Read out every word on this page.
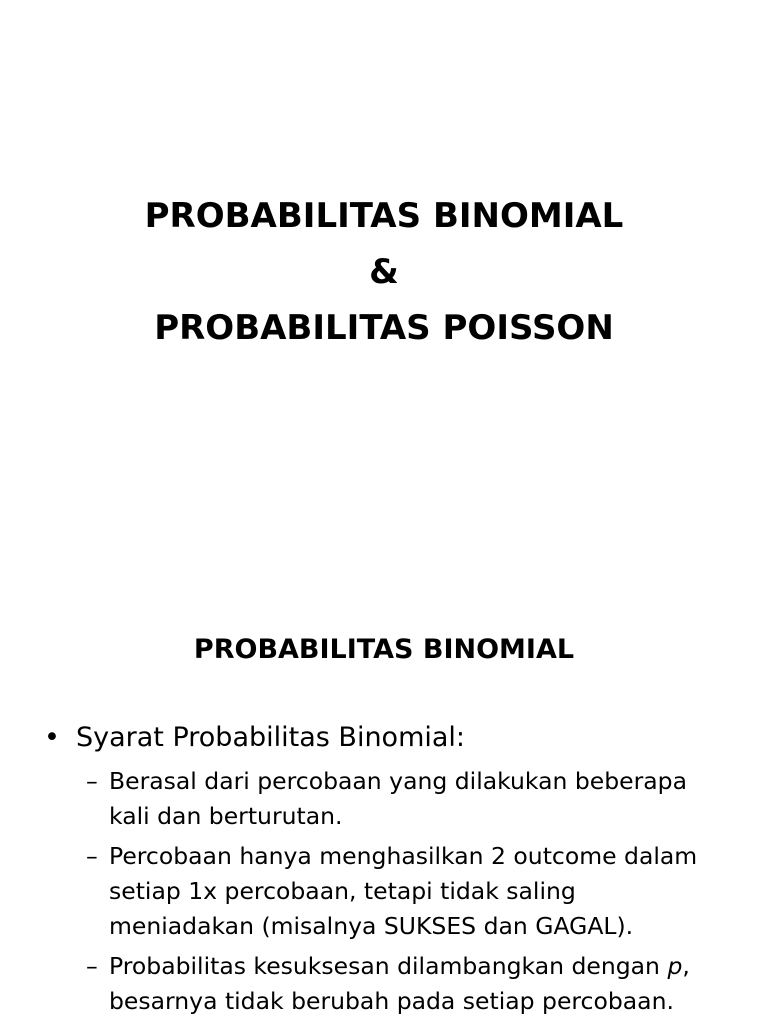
PROBABILITAS BINOMIAL
&
PROBABILITAS POISSON
PROBABILITAS BINOMIAL
• Syarat Probabilitas Binomial:
– Berasal dari percobaan yang dilakukan beberapa
kali dan berturutan.
– Percobaan hanya menghasilkan 2 outcome dalam
setiap 1x percobaan, tetapi tidak saling
meniadakan (misalnya SUKSES dan GAGAL).
– Probabilitas kesuksesan dilambangkan dengan p,
besarnya tidak berubah pada setiap percobaan.
